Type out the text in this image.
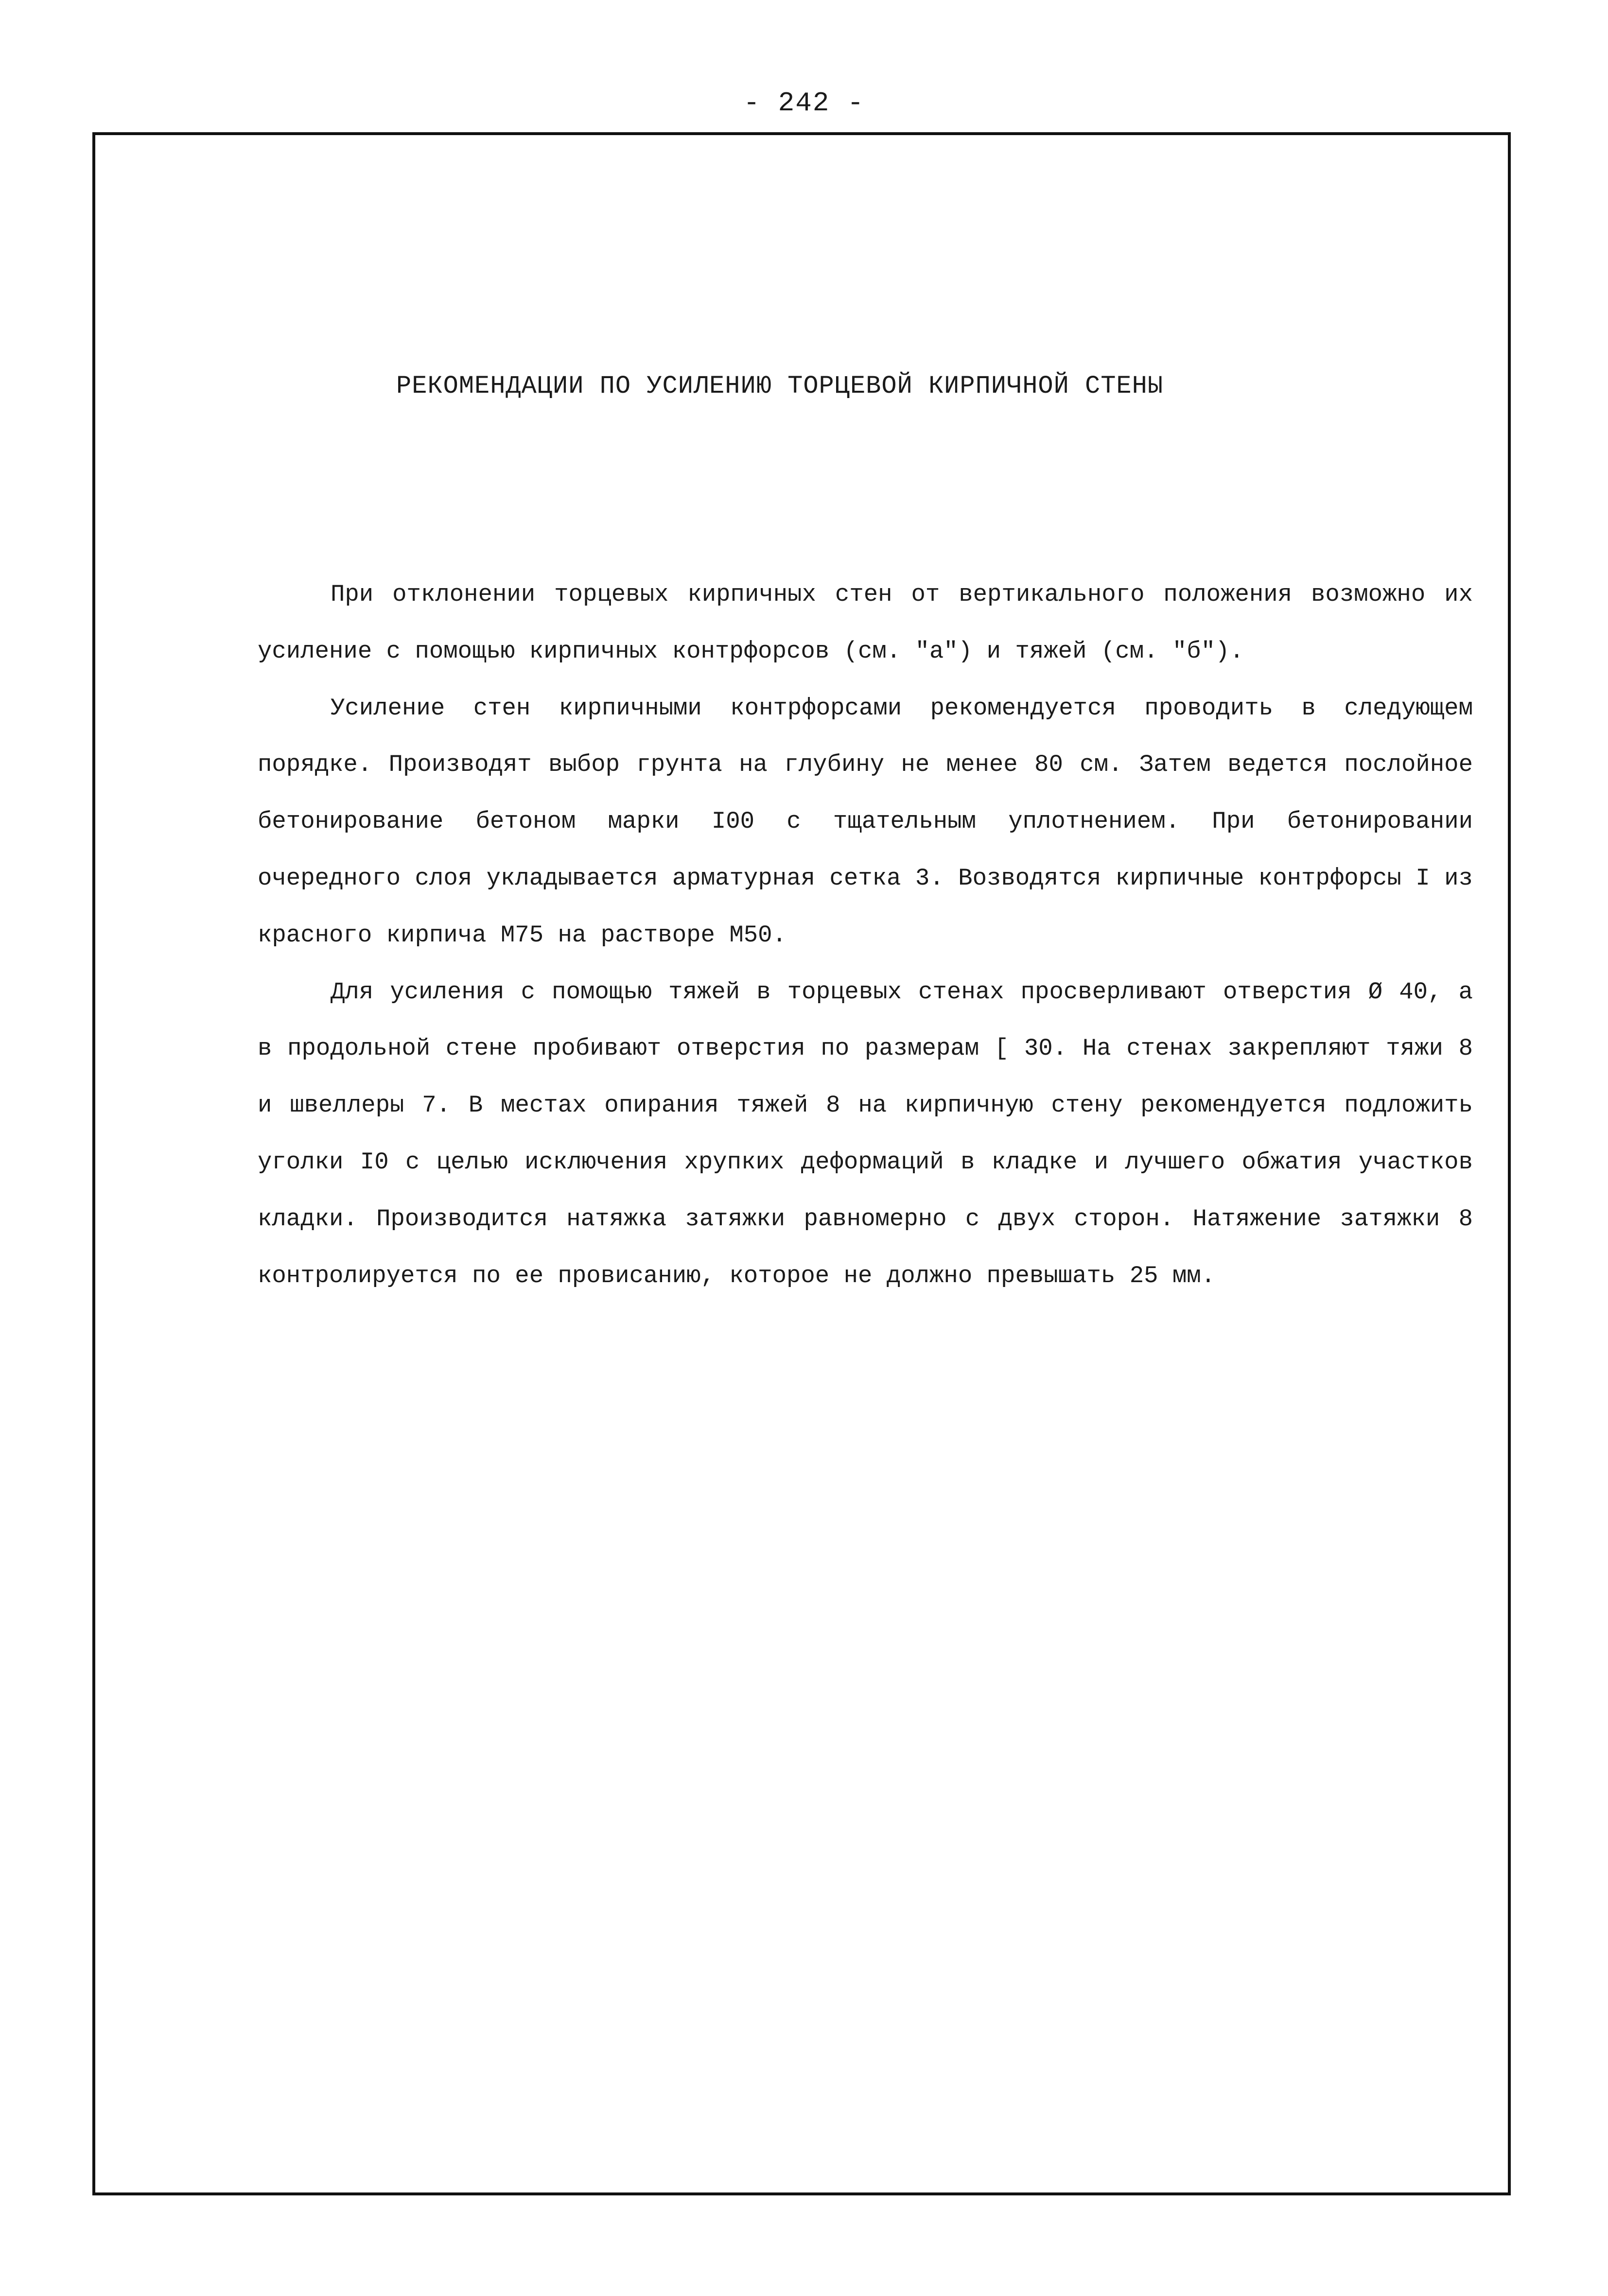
- 242 -
РЕКОМЕНДАЦИИ ПО УСИЛЕНИЮ ТОРЦЕВОЙ КИРПИЧНОЙ СТЕНЫ

При отклонении торцевых кирпичных стен от вертикального положения возможно их усиление с помощью кирпичных контрфорсов (см. "а") и тяжей (см. "б").

Усиление стен кирпичными контрфорсами рекомендуется проводить в следующем порядке. Производят выбор грунта на глубину не менее 80 см. Затем ведется послойное бетонирование бетоном марки I00 с тщательным уплотнением. При бетонировании очередного слоя укладывается арматурная сетка 3. Возводятся кирпичные контрфорсы I из красного кирпича М75 на растворе М50.

Для усиления с помощью тяжей в торцевых стенах просверливают отверстия Ø 40, а в продольной стене пробивают отверстия по размерам [ 30. На стенах закрепляют тяжи 8 и швеллеры 7. В местах опирания тяжей 8 на кирпичную стену рекомендуется подложить уголки I0 с целью исключения хрупких деформаций в кладке и лучшего обжатия участков кладки. Производится натяжка затяжки равномерно с двух сторон. Натяжение затяжки 8 контролируется по ее провисанию, которое не должно превышать 25 мм.
